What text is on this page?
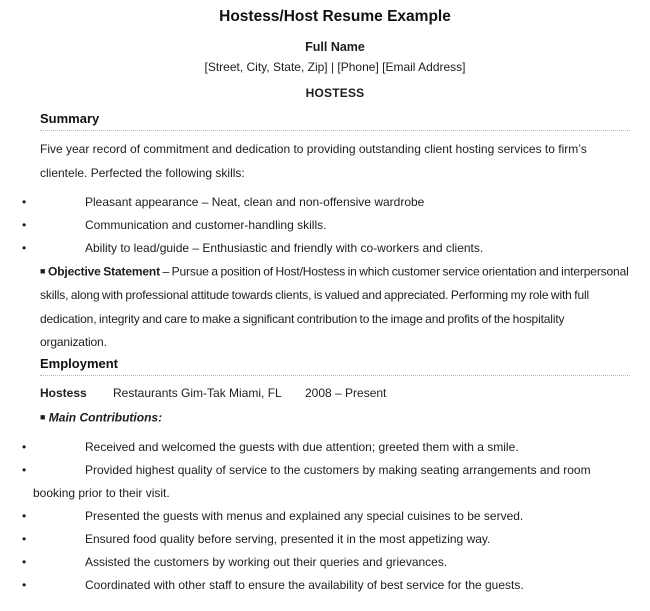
Hostess/Host Resume Example
Full Name
[Street, City, State, Zip] | [Phone] [Email Address]
HOSTESS
Summary
Five year record of commitment and dedication to providing outstanding client hosting services to firm’s clientele. Perfected the following skills:
•	Pleasant appearance – Neat, clean and non-offensive wardrobe
•	Communication and customer-handling skills.
•	Ability to lead/guide – Enthusiastic and friendly with co-workers and clients.
■ Objective Statement – Pursue a position of Host/Hostess in which customer service orientation and interpersonal skills, along with professional attitude towards clients, is valued and appreciated. Performing my role with full dedication, integrity and care to make a significant contribution to the image and profits of the hospitality organization.
Employment
Hostess	Restaurants Gim-Tak Miami, FL	2008 – Present
■ Main Contributions:
•	Received and welcomed the guests with due attention; greeted them with a smile.
•	Provided highest quality of service to the customers by making seating arrangements and room booking prior to their visit.
•	Presented the guests with menus and explained any special cuisines to be served.
•	Ensured food quality before serving, presented it in the most appetizing way.
•	Assisted the customers by working out their queries and grievances.
•	Coordinated with other staff to ensure the availability of best service for the guests.
